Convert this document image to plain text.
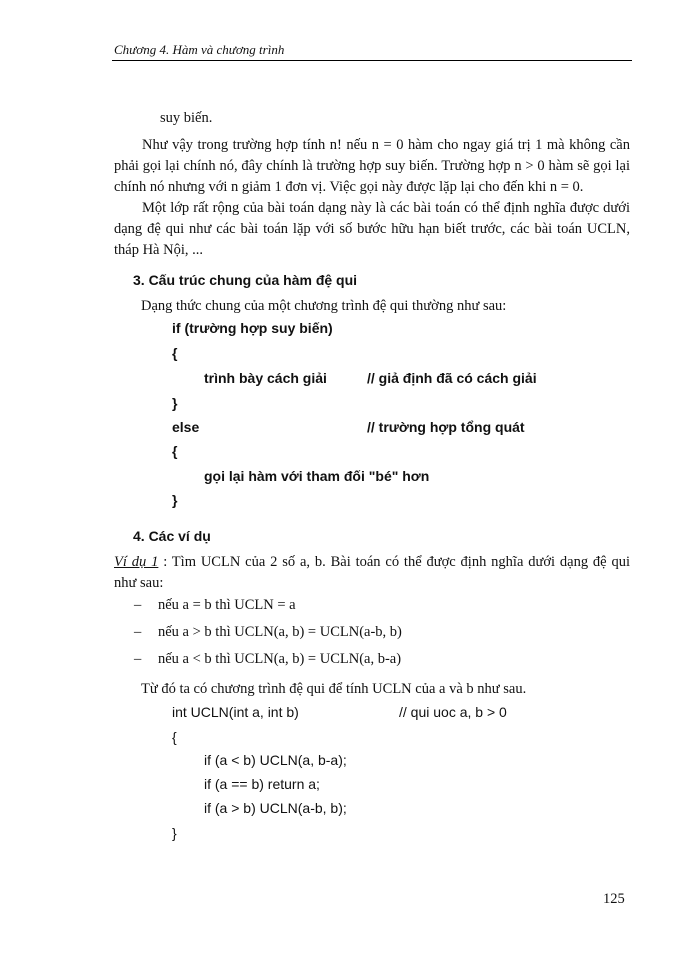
Chương 4. Hàm và chương trình
suy biến.
Như vậy trong trường hợp tính n! nếu n = 0 hàm cho ngay giá trị 1 mà không cần phải gọi lại chính nó, đây chính là trường hợp suy biến. Trường hợp n > 0 hàm sẽ gọi lại chính nó nhưng với n giảm 1 đơn vị. Việc gọi này được lặp lại cho đến khi n = 0.
Một lớp rất rộng của bài toán dạng này là các bài toán có thể định nghĩa được dưới dạng đệ qui như các bài toán lặp với số bước hữu hạn biết trước, các bài toán UCLN, tháp Hà Nội, ...
3. Cấu trúc chung của hàm đệ qui
Dạng thức chung của một chương trình đệ qui thường như sau:
if (trường hợp suy biến)
{
trình bày cách giải	// giả định đã có cách giải
}
else	// trường hợp tổng quát
{
gọi lại hàm với tham đối "bé" hơn
}
4. Các ví dụ
Ví dụ 1 : Tìm UCLN của 2 số a, b. Bài toán có thể được định nghĩa dưới dạng đệ qui như sau:
– nếu a = b thì UCLN = a
– nếu a > b thì UCLN(a, b) = UCLN(a-b, b)
– nếu a < b thì UCLN(a, b) = UCLN(a, b-a)
Từ đó ta có chương trình đệ qui để tính UCLN của a và b như sau.
int UCLN(int a, int b)	// qui uoc a, b > 0
{
if (a < b) UCLN(a, b-a);
if (a == b) return a;
if (a > b) UCLN(a-b, b);
}
125
